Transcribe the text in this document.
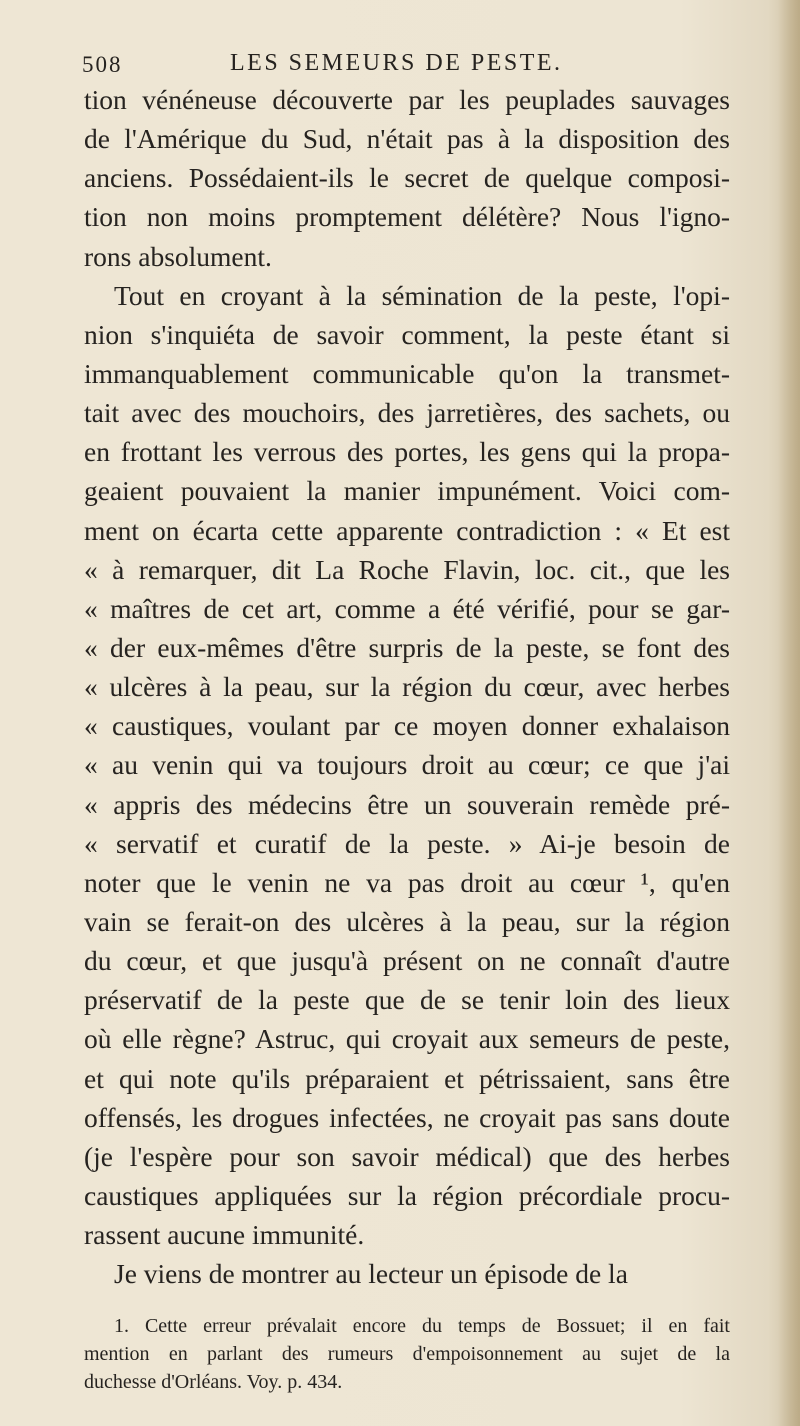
508	LES SEMEURS DE PESTE.
tion vénéneuse découverte par les peuplades sauvages
de l'Amérique du Sud, n'était pas à la disposition des
anciens. Possédaient-ils le secret de quelque composi-
tion non moins promptement délétère? Nous l'igno-
rons absolument.
Tout en croyant à la sémination de la peste, l'opi-
nion s'inquiéta de savoir comment, la peste étant si
immanquablement communicable qu'on la transmet-
tait avec des mouchoirs, des jarretières, des sachets, ou
en frottant les verrous des portes, les gens qui la propa-
geaient pouvaient la manier impunément. Voici com-
ment on écarta cette apparente contradiction : « Et est
« à remarquer, dit La Roche Flavin, loc. cit., que les
« maîtres de cet art, comme a été vérifié, pour se gar-
« der eux-mêmes d'être surpris de la peste, se font des
« ulcères à la peau, sur la région du cœur, avec herbes
« caustiques, voulant par ce moyen donner exhalaison
« au venin qui va toujours droit au cœur; ce que j'ai
« appris des médecins être un souverain remède pré-
« servatif et curatif de la peste. » Ai-je besoin de
noter que le venin ne va pas droit au cœur ¹, qu'en
vain se ferait-on des ulcères à la peau, sur la région
du cœur, et que jusqu'à présent on ne connaît d'autre
préservatif de la peste que de se tenir loin des lieux
où elle règne? Astruc, qui croyait aux semeurs de peste,
et qui note qu'ils préparaient et pétrissaient, sans être
offensés, les drogues infectées, ne croyait pas sans doute
(je l'espère pour son savoir médical) que des herbes
caustiques appliquées sur la région précordiale procu-
rassent aucune immunité.
Je viens de montrer au lecteur un épisode de la
1. Cette erreur prévalait encore du temps de Bossuet; il en fait
mention en parlant des rumeurs d'empoisonnement au sujet de la
duchesse d'Orléans. Voy. p. 434.
